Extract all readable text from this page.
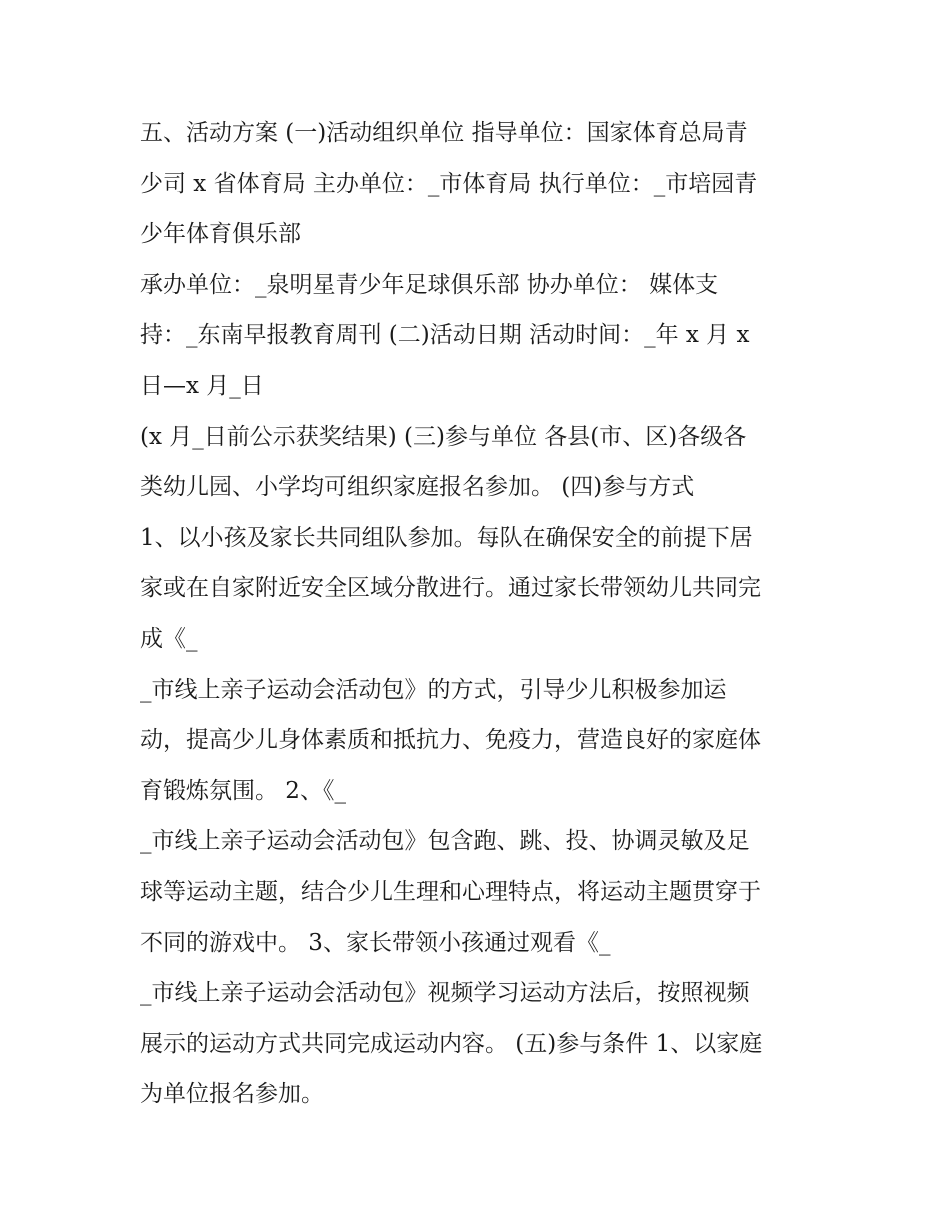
五、活动方案 (一)活动组织单位 指导单位：国家体育总局青
少司 x 省体育局 主办单位：_市体育局 执行单位：_市培园青
少年体育俱乐部
承办单位：_泉明星青少年足球俱乐部 协办单位： 媒体支
持：_东南早报教育周刊 (二)活动日期 活动时间：_年 x 月 x
日—x 月_日
(x 月_日前公示获奖结果) (三)参与单位 各县(市、区)各级各
类幼儿园、小学均可组织家庭报名参加。 (四)参与方式
1、以小孩及家长共同组队参加。每队在确保安全的前提下居
家或在自家附近安全区域分散进行。通过家长带领幼儿共同完
成《_
_市线上亲子运动会活动包》的方式，引导少儿积极参加运
动，提高少儿身体素质和抵抗力、免疫力，营造良好的家庭体
育锻炼氛围。 2、《_
_市线上亲子运动会活动包》包含跑、跳、投、协调灵敏及足
球等运动主题，结合少儿生理和心理特点，将运动主题贯穿于
不同的游戏中。 3、家长带领小孩通过观看《_
_市线上亲子运动会活动包》视频学习运动方法后，按照视频
展示的运动方式共同完成运动内容。 (五)参与条件 1、以家庭
为单位报名参加。
